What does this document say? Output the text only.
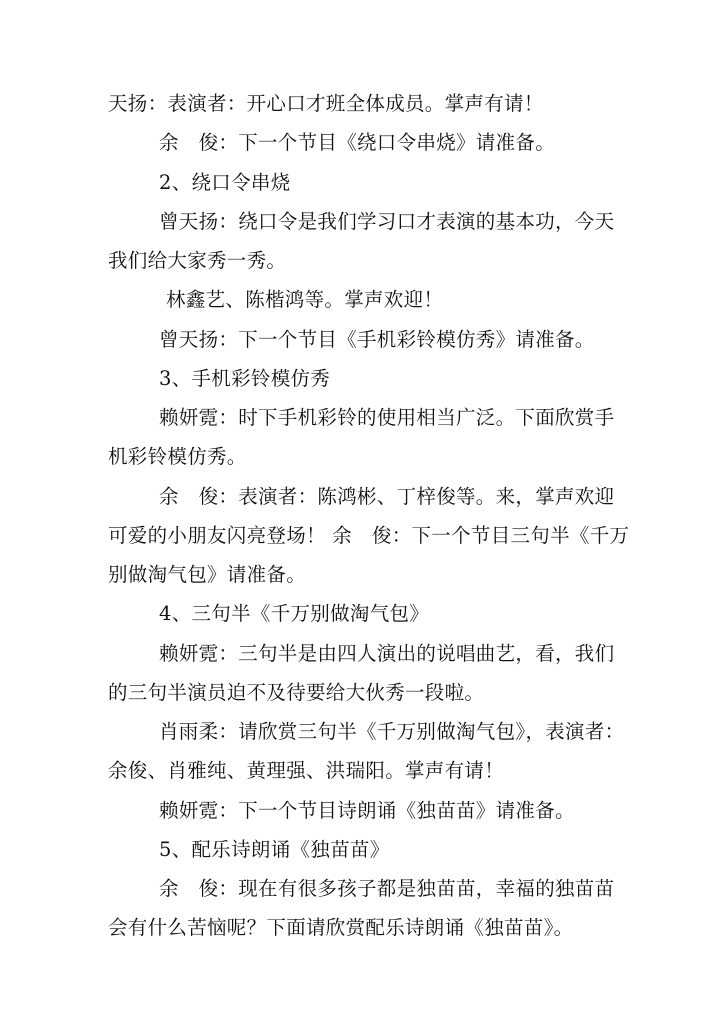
天扬：表演者：开心口才班全体成员。掌声有请！
余　俊：下一个节目《绕口令串烧》请准备。
2、绕口令串烧
曾天扬：绕口令是我们学习口才表演的基本功，今天
我们给大家秀一秀。
林鑫艺、陈楷鸿等。掌声欢迎！
曾天扬：下一个节目《手机彩铃模仿秀》请准备。
3、手机彩铃模仿秀
赖妍霓：时下手机彩铃的使用相当广泛。下面欣赏手
机彩铃模仿秀。
余　俊：表演者：陈鸿彬、丁梓俊等。来，掌声欢迎
可爱的小朋友闪亮登场！ 余　俊：下一个节目三句半《千万
别做淘气包》请准备。
4、三句半《千万别做淘气包》
赖妍霓：三句半是由四人演出的说唱曲艺，看，我们
的三句半演员迫不及待要给大伙秀一段啦。
肖雨柔：请欣赏三句半《千万别做淘气包》，表演者：
余俊、肖雅纯、黄理强、洪瑞阳。掌声有请！
赖妍霓：下一个节目诗朗诵《独苗苗》请准备。
5、配乐诗朗诵《独苗苗》
余　俊：现在有很多孩子都是独苗苗，幸福的独苗苗
会有什么苦恼呢？下面请欣赏配乐诗朗诵《独苗苗》。
